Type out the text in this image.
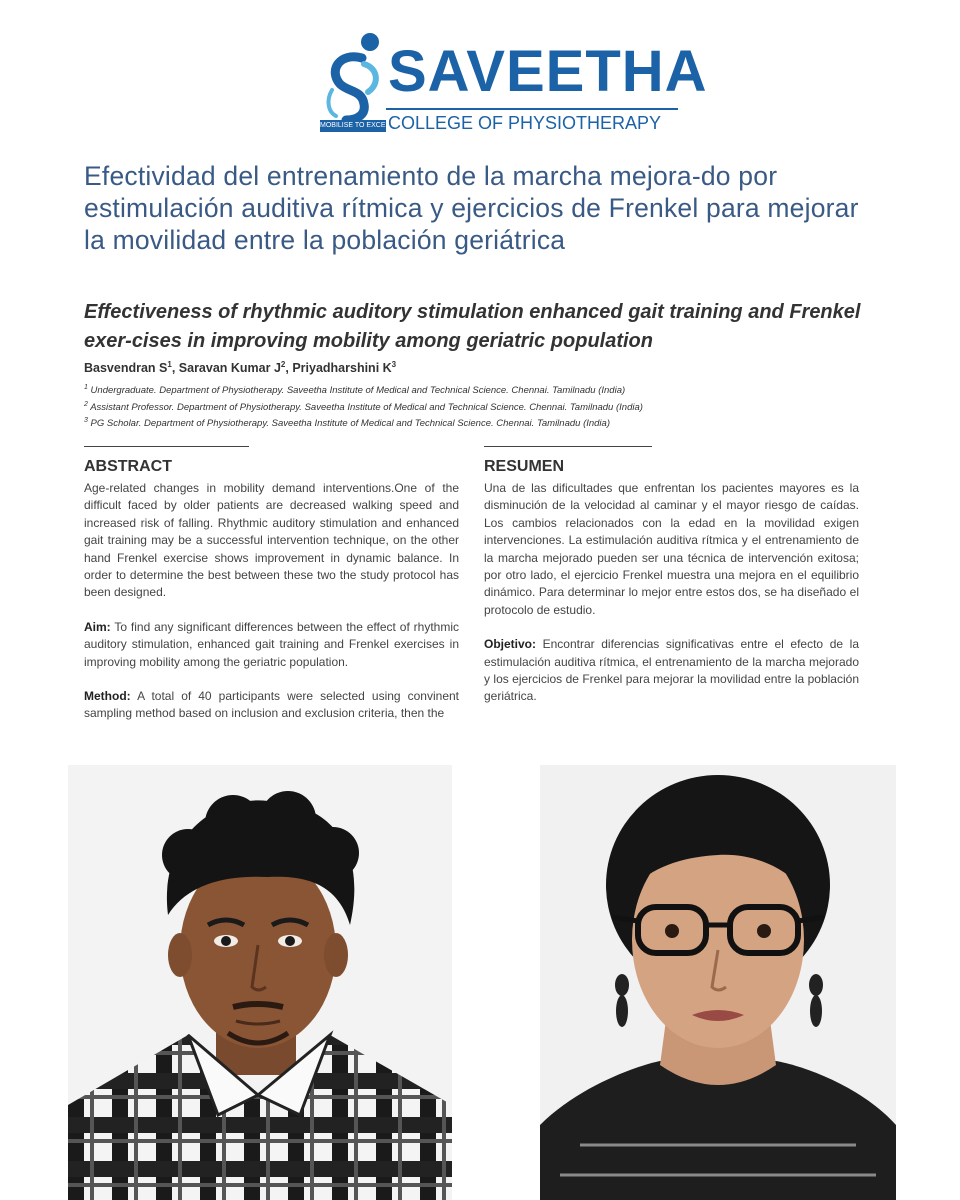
MOBILISE TO EXCEL
SAVEETHA
COLLEGE OF PHYSIOTHERAPY
Efectividad del entrenamiento de la marcha mejora-do por estimulación auditiva rítmica y ejercicios de Frenkel para mejorar la movilidad entre la población geriátrica
Effectiveness of rhythmic auditory stimulation enhanced gait training and Frenkel exer-cises in improving mobility among geriatric population
Basvendran $S^1$, Saravan Kumar $J^2$, Priyadharshini $K^3$
$^1$ Undergraduate. Department of Physiotherapy. Saveetha Institute of Medical and Technical Science. Chennai. Tamilnadu (India)
$^2$ Assistant Professor. Department of Physiotherapy. Saveetha Institute of Medical and Technical Science. Chennai. Tamilnadu (India)
$^3$ PG Scholar. Department of Physiotherapy. Saveetha Institute of Medical and Technical Science. Chennai. Tamilnadu (India)
ABSTRACT

Age-related changes in mobility demand interventions.One of the difficult faced by older patients are decreased walking speed and increased risk of falling. Rhythmic auditory stimulation and enhanced gait training may be a successful intervention technique, on the other hand Frenkel exercise shows improvement in dynamic balance. In order to determine the best between these two the study protocol has been designed.

Aim: To find any significant differences between the effect of rhythmic auditory stimulation, enhanced gait training and Frenkel exercises in improving mobility among the geriatric population.

Method: A total of 40 participants were selected using convinent sampling method based on inclusion and exclusion criteria, then the

RESUMEN

Una de las dificultades que enfrentan los pacientes mayores es la disminución de la velocidad al caminar y el mayor riesgo de caídas. Los cambios relacionados con la edad en la movilidad exigen intervenciones. La estimulación auditiva rítmica y el entrenamiento de la marcha mejorado pueden ser una técnica de intervención exitosa; por otro lado, el ejercicio Frenkel muestra una mejora en el equilibrio dinámico. Para determinar lo mejor entre estos dos, se ha diseñado el protocolo de estudio.

Objetivo: Encontrar diferencias significativas entre el efecto de la estimulación auditiva rítmica, el entrenamiento de la marcha mejorado y los ejercicios de Frenkel para mejorar la movilidad entre la población geriátrica.
